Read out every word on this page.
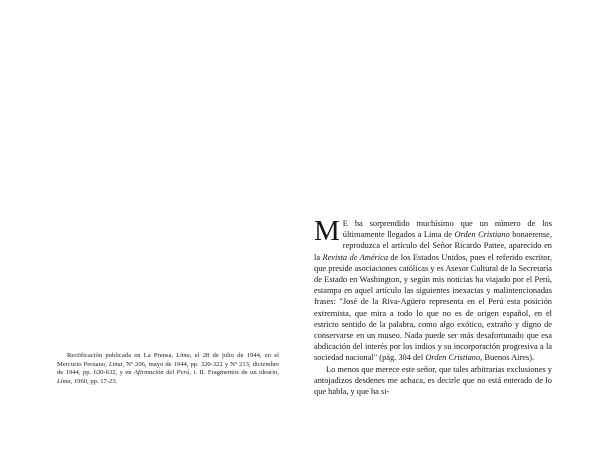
Rectificación publicada en La Prensa, Lima, el 28 de julio de 1944, en el Mercurio Peruano, Lima, Nº 206, mayo de 1944, pp. 320-322 y Nº 213, diciembre de 1944, pp. 630-632, y en Afirmación del Perú, t. II. Fragmentos de un ideario, Lima, 1960, pp. 17-23.

M E ha sorprendido muchísimo que un número de los últimamente llegados a Lima de Orden Cristiano bonaerense, reproduzca el artículo del Señor Ricardo Pattee, aparecido en la Revista de América de los Estados Unidos, pues el referido escritor, que preside asociaciones católicas y es Asesor Cultural de la Secretaría de Estado en Washington, y según mis noticias ha viajado por el Perú, estampa en aquel artículo las siguientes inexactas y malintencionadas frases: "José de la Riva-Agüero representa en el Perú esta posición extremista, que mira a todo lo que no es de origen español, en el estricto sentido de la palabra, como algo exótico, extraño y digno de conservarse en un museo. Nada puede ser más desafortunado que esa abdicación del interés por los indios y su incorporación progresiva a la sociedad nacional" (pág. 304 del Orden Cristiano, Buenos Aires).

Lo menos que merece este señor, que tales arbitrarias exclusiones y antojadizos desdenes me achaca, es decirle que no está enterado de lo que habla, y que ha si-
